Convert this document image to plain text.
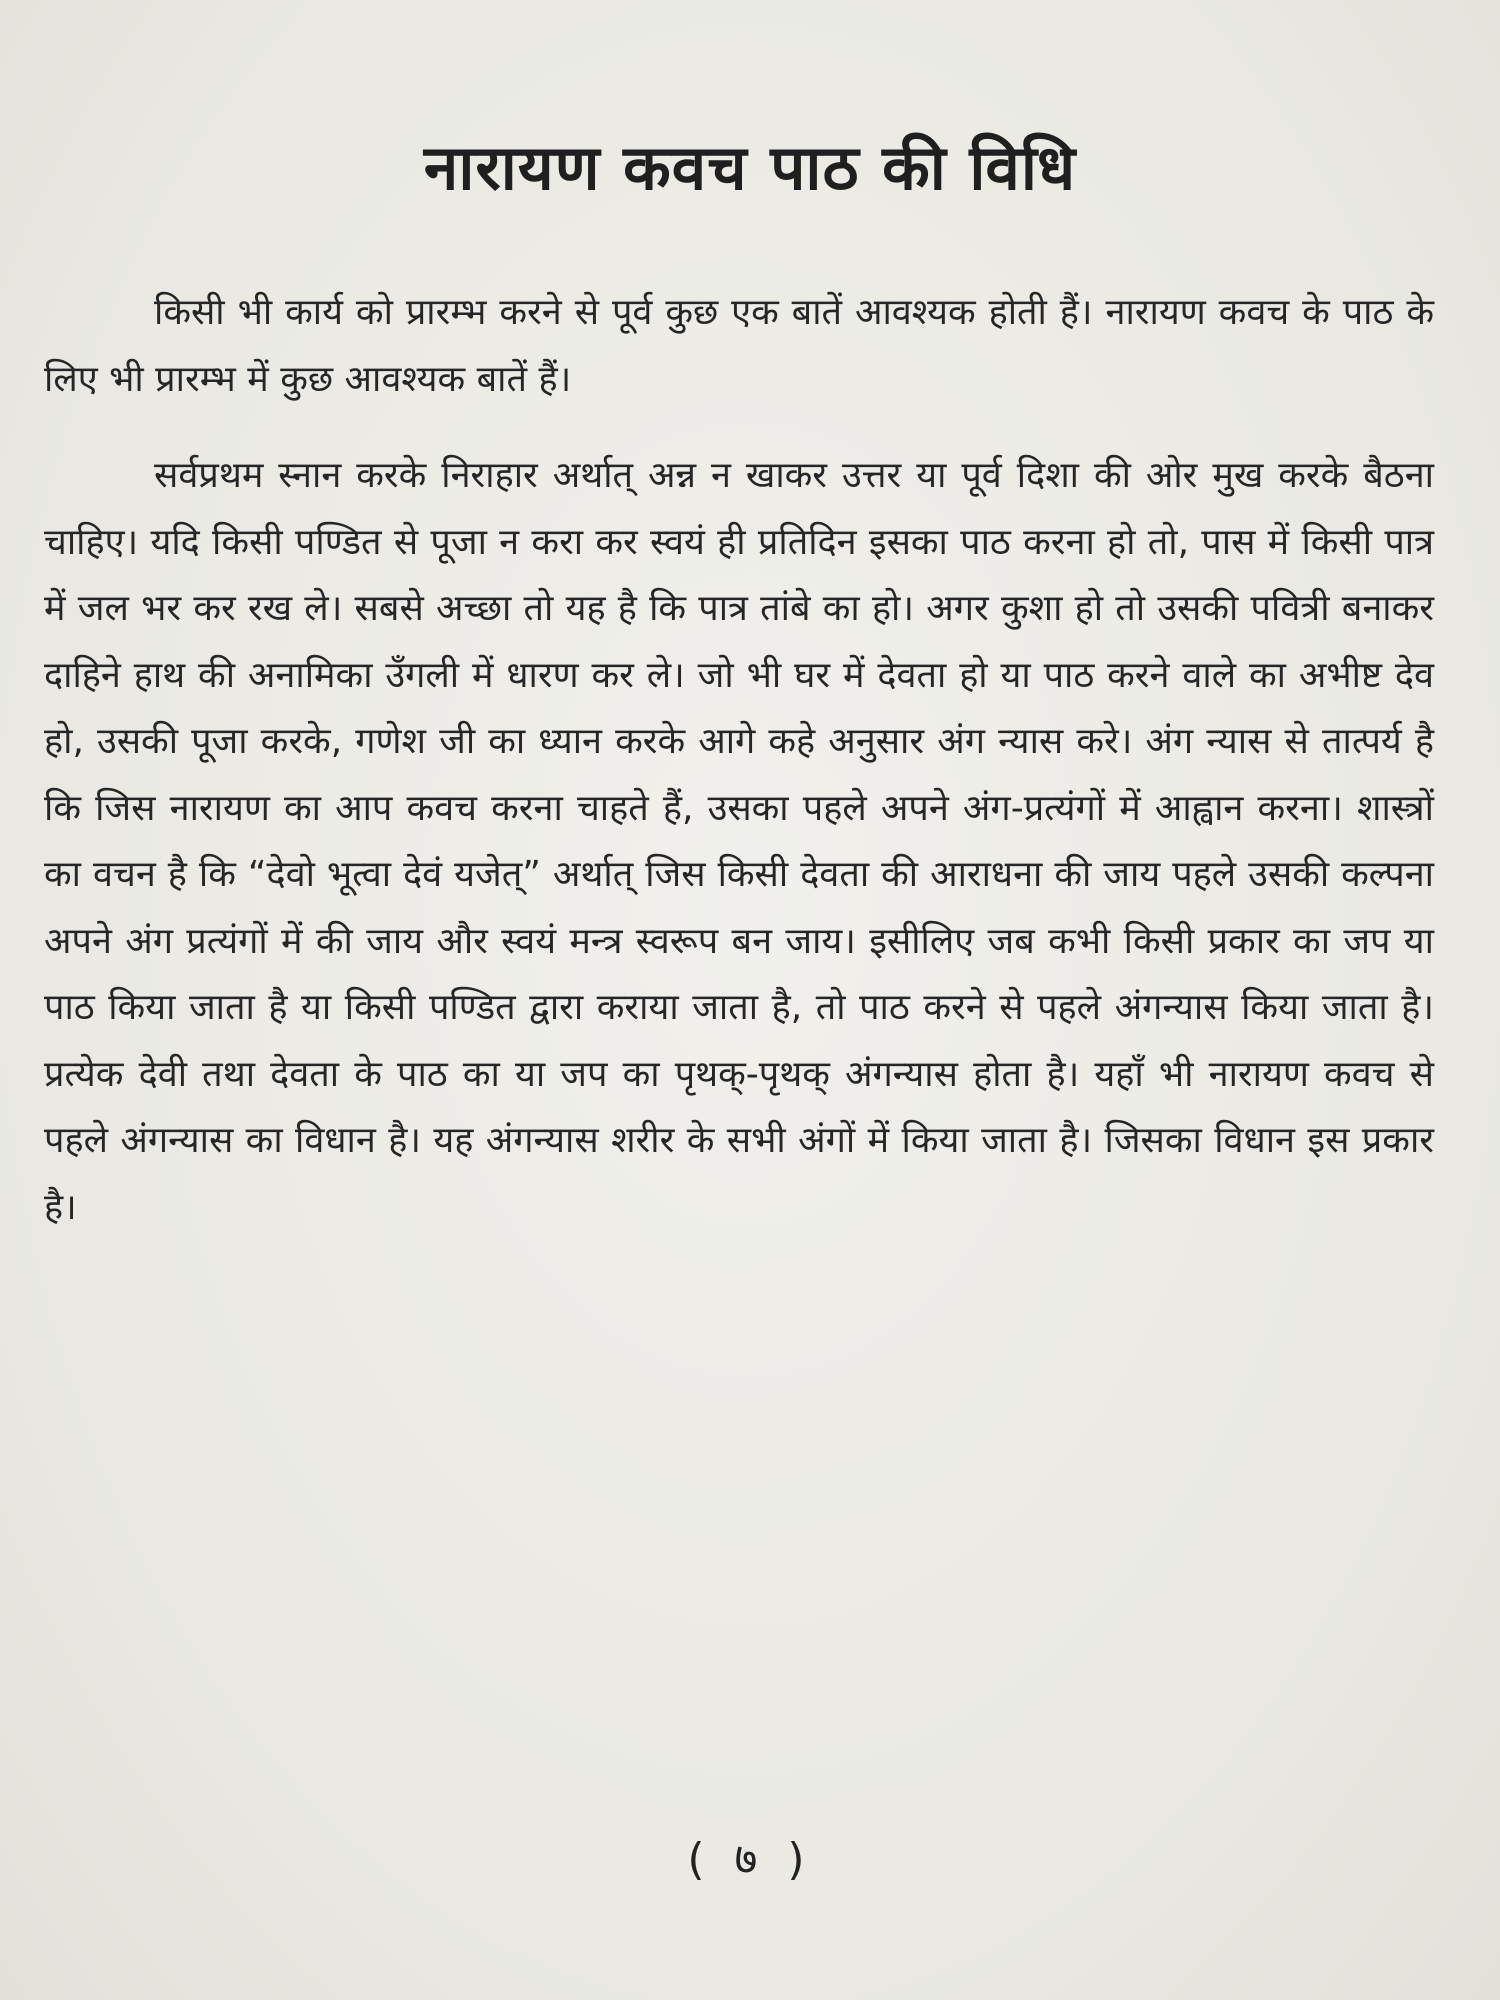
नारायण कवच पाठ की विधि

किसी भी कार्य को प्रारम्भ करने से पूर्व कुछ एक बातें आवश्यक होती हैं। नारायण कवच के पाठ के लिए भी प्रारम्भ में कुछ आवश्यक बातें हैं।

सर्वप्रथम स्नान करके निराहार अर्थात् अन्न न खाकर उत्तर या पूर्व दिशा की ओर मुख करके बैठना चाहिए। यदि किसी पण्डित से पूजा न करा कर स्वयं ही प्रतिदिन इसका पाठ करना हो तो, पास में किसी पात्र में जल भर कर रख ले। सबसे अच्छा तो यह है कि पात्र तांबे का हो। अगर कुशा हो तो उसकी पवित्री बनाकर दाहिने हाथ की अनामिका उँगली में धारण कर ले। जो भी घर में देवता हो या पाठ करने वाले का अभीष्ट देव हो, उसकी पूजा करके, गणेश जी का ध्यान करके आगे कहे अनुसार अंग न्यास करे। अंग न्यास से तात्पर्य है कि जिस नारायण का आप कवच करना चाहते हैं, उसका पहले अपने अंग-प्रत्यंगों में आह्वान करना। शास्त्रों का वचन है कि “देवो भूत्वा देवं यजेत्” अर्थात् जिस किसी देवता की आराधना की जाय पहले उसकी कल्पना अपने अंग प्रत्यंगों में की जाय और स्वयं मन्त्र स्वरूप बन जाय। इसीलिए जब कभी किसी प्रकार का जप या पाठ किया जाता है या किसी पण्डित द्वारा कराया जाता है, तो पाठ करने से पहले अंगन्यास किया जाता है। प्रत्येक देवी तथा देवता के पाठ का या जप का पृथक्-पृथक् अंगन्यास होता है। यहाँ भी नारायण कवच से पहले अंगन्यास का विधान है। यह अंगन्यास शरीर के सभी अंगों में किया जाता है। जिसका विधान इस प्रकार है।

( ७ )
